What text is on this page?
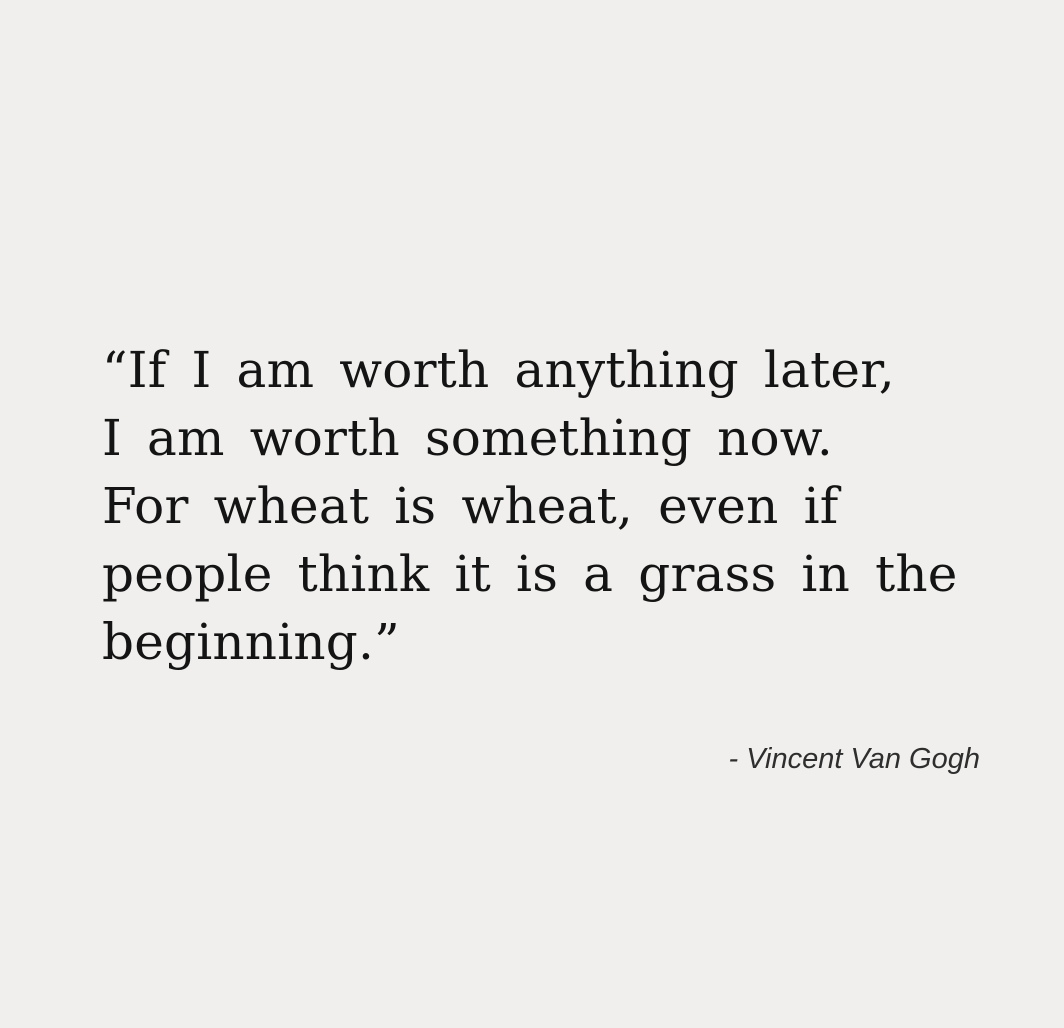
“If I am worth anything later,
I am worth something now.
For wheat is wheat, even if
people think it is a grass in the
beginning.”
- Vincent Van Gogh
